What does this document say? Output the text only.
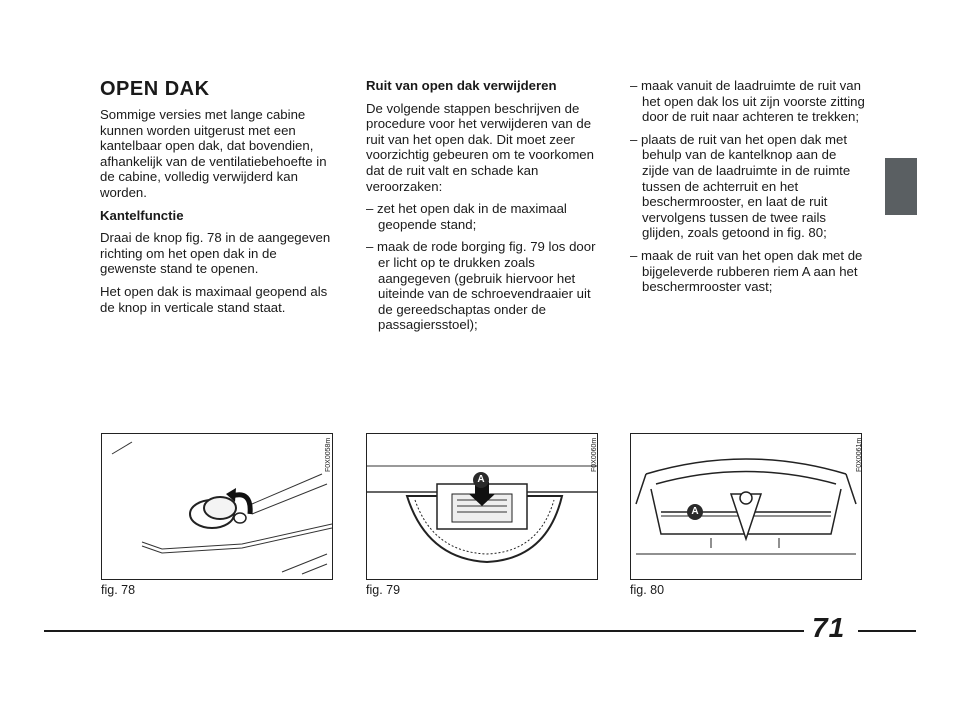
OPEN DAK

Sommige versies met lange cabine kunnen worden uitgerust met een kantelbaar open dak, dat bovendien, afhankelijk van de ventilatiebehoefte in de cabine, volledig verwijderd kan worden.

Kantelfunctie

Draai de knop fig. 78 in de aangegeven richting om het open dak in de gewenste stand te openen.

Het open dak is maximaal geopend als de knop in verticale stand staat.

Ruit van open dak verwijderen

De volgende stappen beschrijven de procedure voor het verwijderen van de ruit van het open dak. Dit moet zeer voorzichtig gebeuren om te voorkomen dat de ruit valt en schade kan veroorzaken:

– zet het open dak in de maximaal geopende stand;

– maak de rode borging fig. 79 los door er licht op te drukken zoals aangegeven (gebruik hiervoor het uiteinde van de schroevendraaier uit de gereedschaptas onder de passagiersstoel);

– maak vanuit de laadruimte de ruit van het open dak los uit zijn voorste zitting door de ruit naar achteren te trekken;

– plaats de ruit van het open dak met behulp van de kantelknop aan de zijde van de laadruimte in de ruimte tussen de achterruit en het beschermrooster, en laat de ruit vervolgens tussen de twee rails glijden, zoals getoond in fig. 80;

– maak de ruit van het open dak met de bijgeleverde rubberen riem A aan het beschermrooster vast;

F0X0058m
fig. 78
A
F0X0060m
fig. 79
A
F0X0061m
fig. 80
71
